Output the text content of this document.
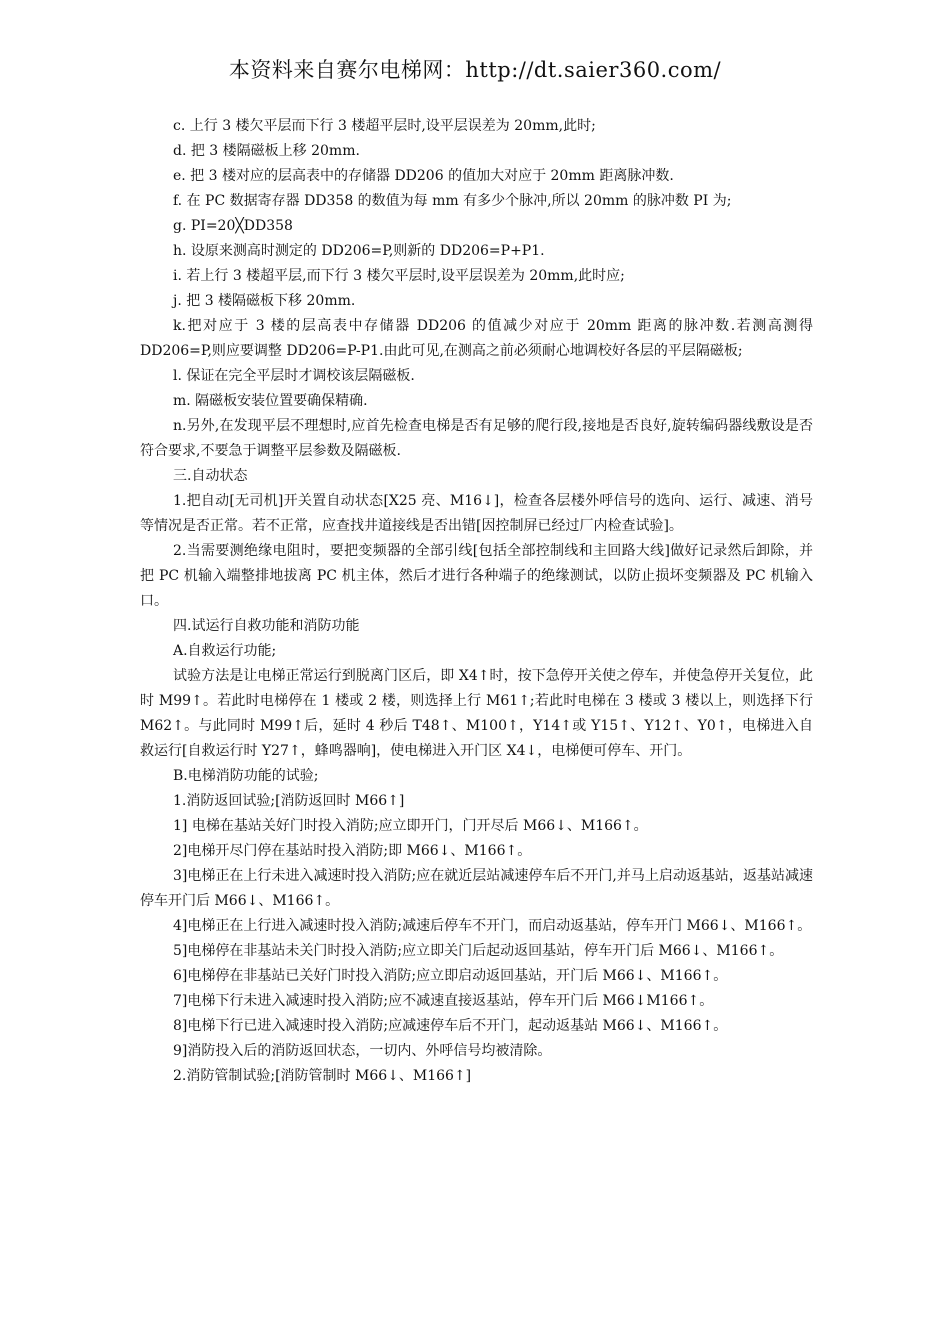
本资料来自赛尔电梯网：http://dt.saier360.com/

c. 上行 3 楼欠平层而下行 3 楼超平层时,设平层误差为 20mm,此时;

d. 把 3 楼隔磁板上移 20mm.

e. 把 3 楼对应的层高表中的存储器 DD206 的值加大对应于 20mm 距离脉冲数.

f. 在 PC 数据寄存器 DD358 的数值为每 mm 有多少个脉冲,所以 20mm 的脉冲数 PI 为;

g. PI=20╳DD358

h. 设原来测高时测定的 DD206=P,则新的 DD206=P+P1.

i. 若上行 3 楼超平层,而下行 3 楼欠平层时,设平层误差为 20mm,此时应;

j. 把 3 楼隔磁板下移 20mm.

k.把对应于 3 楼的层高表中存储器 DD206 的值减少对应于 20mm 距离的脉冲数.若测高测得 DD206=P,则应要调整 DD206=P-P1.由此可见,在测高之前必须耐心地调校好各层的平层隔磁板;

l. 保证在完全平层时才调校该层隔磁板.

m. 隔磁板安装位置要确保精确.

n.另外,在发现平层不理想时,应首先检查电梯是否有足够的爬行段,接地是否良好,旋转编码器线敷设是否符合要求,不要急于调整平层参数及隔磁板.

三.自动状态

1.把自动[无司机]开关置自动状态[X25 亮、M16↓]，检查各层楼外呼信号的选向、运行、减速、消号等情况是否正常。若不正常，应查找井道接线是否出错[因控制屏已经过厂内检查试验]。

2.当需要测绝缘电阻时，要把变频器的全部引线[包括全部控制线和主回路大线]做好记录然后卸除，并把 PC 机输入端整排地拔离 PC 机主体，然后才进行各种端子的绝缘测试，以防止损坏变频器及 PC 机输入口。

四.试运行自救功能和消防功能

A.自救运行功能;

试验方法是让电梯正常运行到脱离门区后，即 X4↑时，按下急停开关使之停车，并使急停开关复位，此时 M99↑。若此时电梯停在 1 楼或 2 楼，则选择上行 M61↑;若此时电梯在 3 楼或 3 楼以上，则选择下行 M62↑。与此同时 M99↑后，延时 4 秒后 T48↑、M100↑，Y14↑或 Y15↑、Y12↑、Y0↑，电梯进入自救运行[自救运行时 Y27↑，蜂鸣器响]，使电梯进入开门区 X4↓，电梯便可停车、开门。

B.电梯消防功能的试验;

1.消防返回试验;[消防返回时 M66↑]

1] 电梯在基站关好门时投入消防;应立即开门，门开尽后 M66↓、M166↑。

2]电梯开尽门停在基站时投入消防;即 M66↓、M166↑。

3]电梯正在上行未进入减速时投入消防;应在就近层站减速停车后不开门,并马上启动返基站，返基站减速停车开门后 M66↓、M166↑。

4]电梯正在上行进入减速时投入消防;减速后停车不开门，而启动返基站，停车开门 M66↓、M166↑。

5]电梯停在非基站未关门时投入消防;应立即关门后起动返回基站，停车开门后 M66↓、M166↑。

6]电梯停在非基站已关好门时投入消防;应立即启动返回基站，开门后 M66↓、M166↑。

7]电梯下行未进入减速时投入消防;应不减速直接返基站，停车开门后 M66↓M166↑。

8]电梯下行已进入减速时投入消防;应减速停车后不开门，起动返基站 M66↓、M166↑。

9]消防投入后的消防返回状态，一切内、外呼信号均被清除。

2.消防管制试验;[消防管制时 M66↓、M166↑]
